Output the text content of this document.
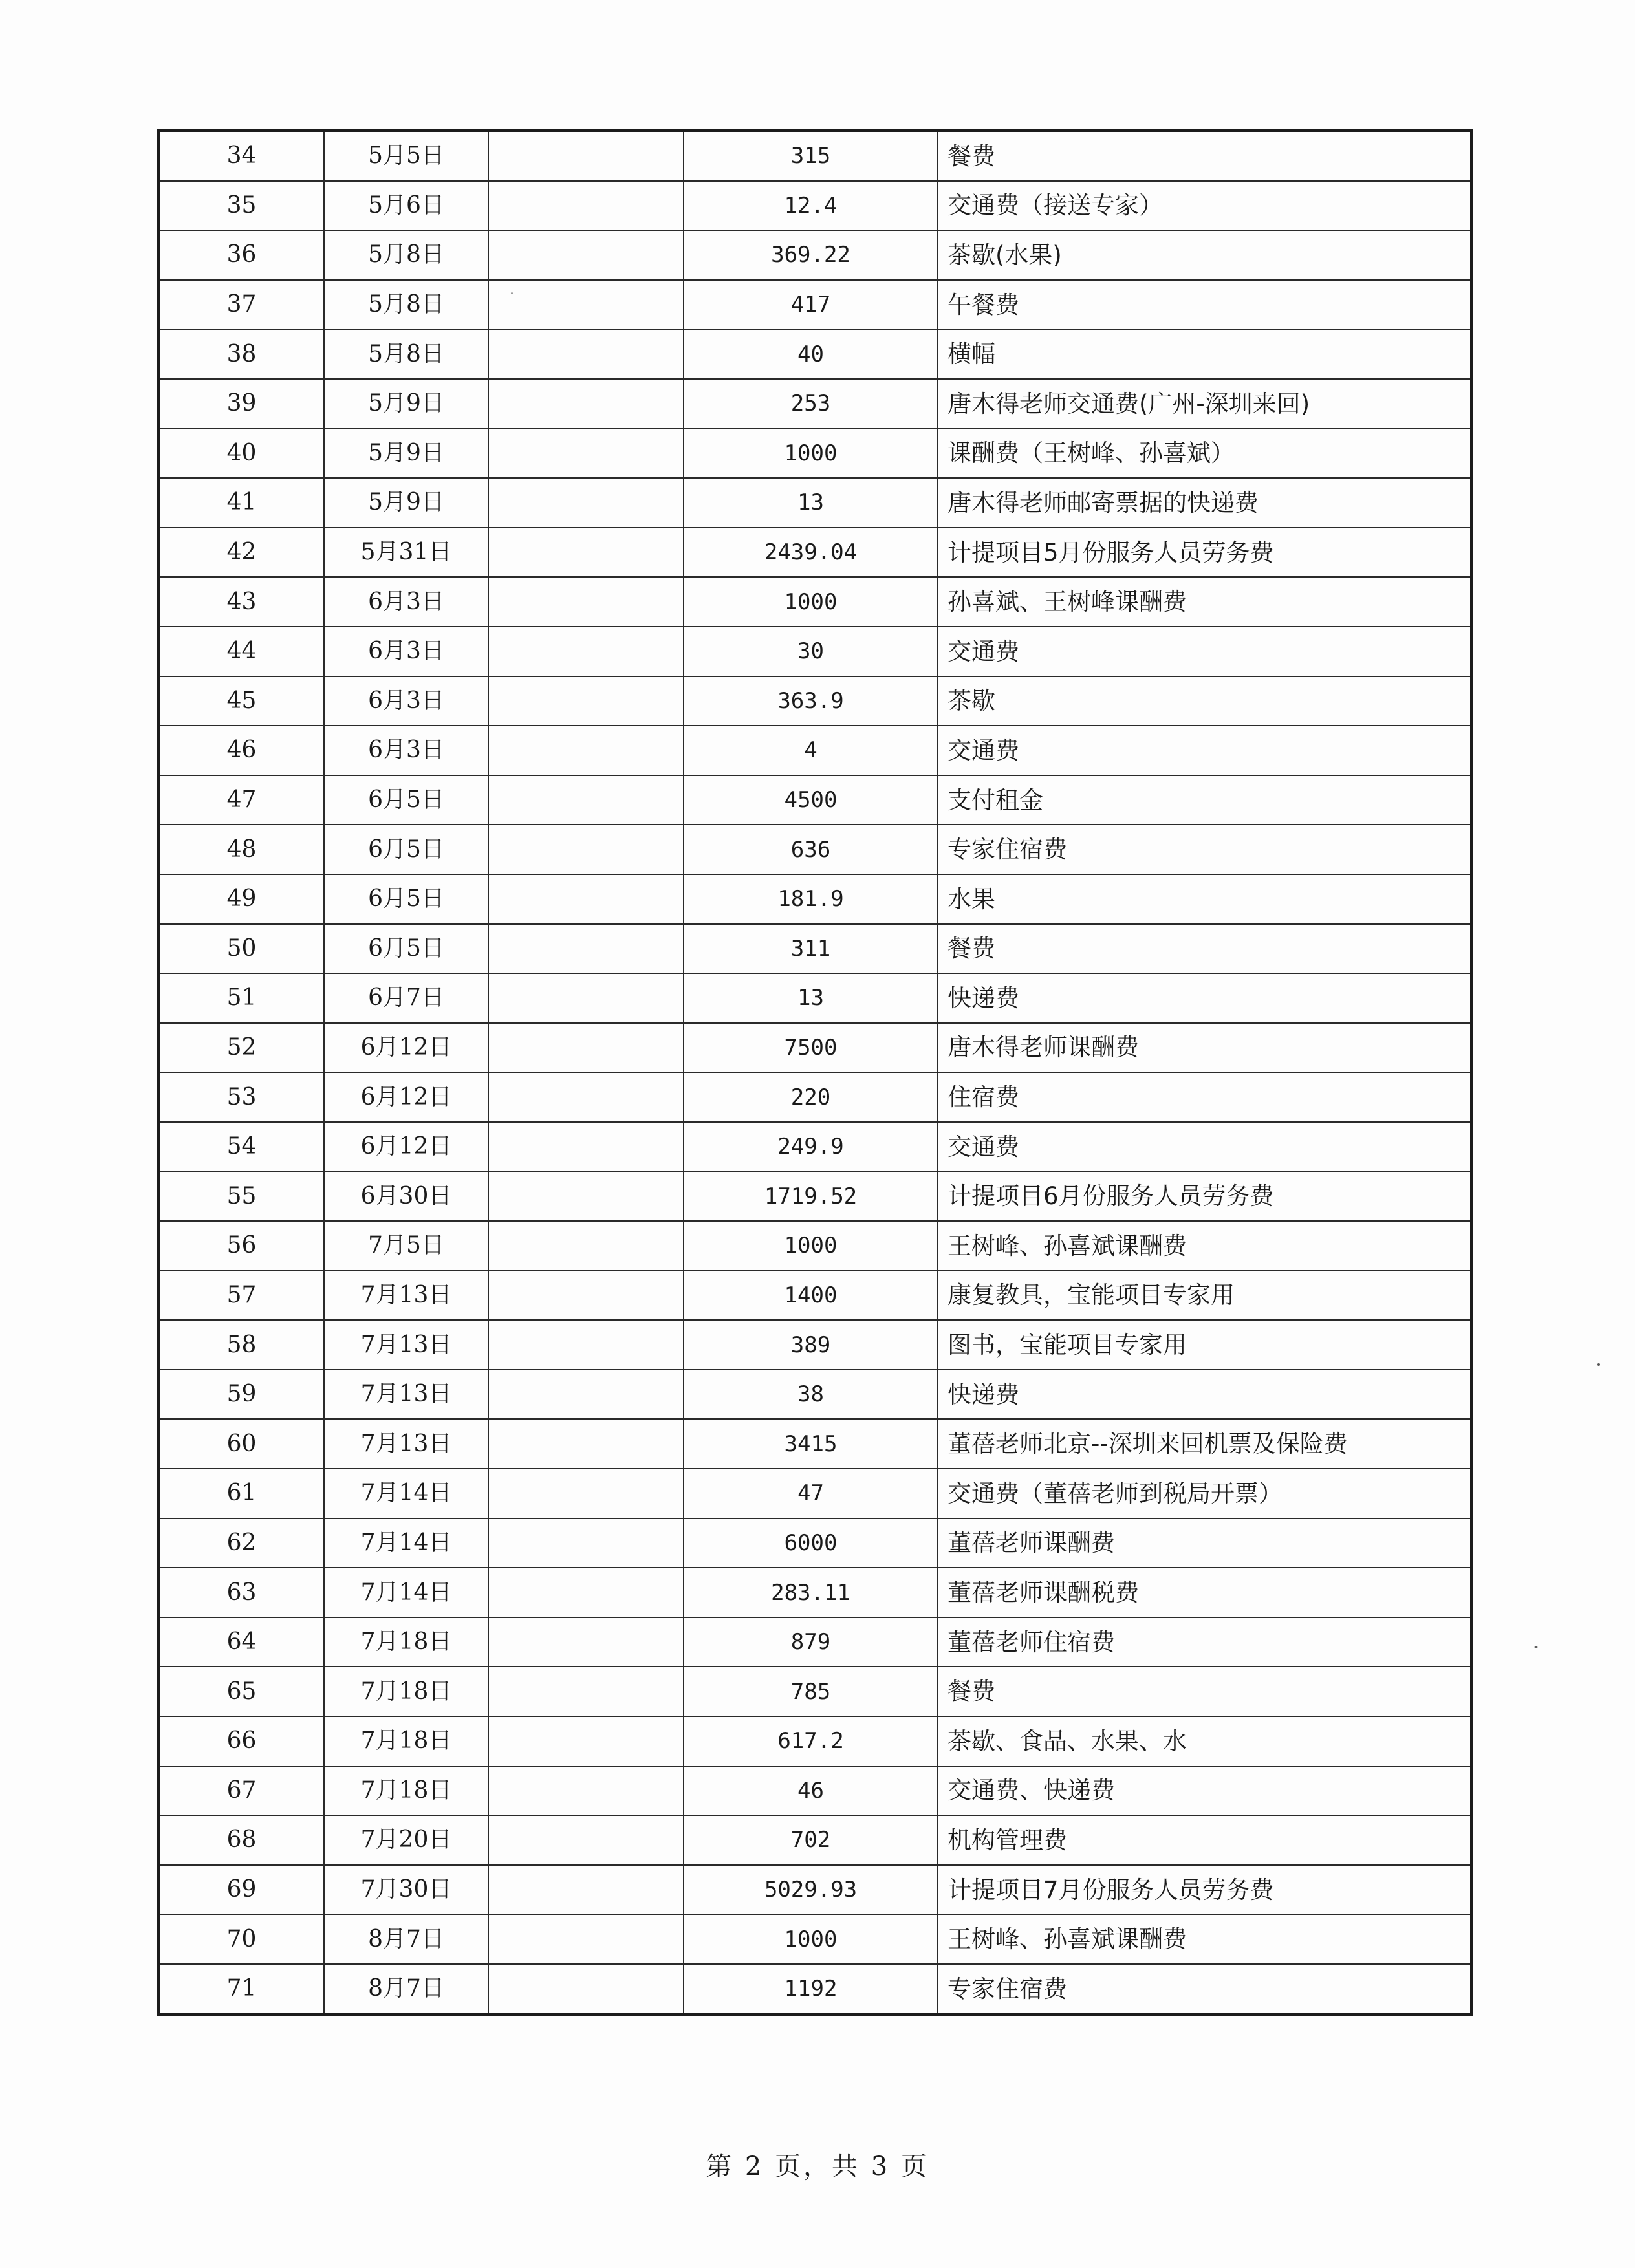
34	5月5日		315	餐费
35	5月6日		12.4	交通费（接送专家）
36	5月8日		369.22	茶歇(水果)
37	5月8日		417	午餐费
38	5月8日		40	横幅
39	5月9日		253	唐木得老师交通费(广州-深圳来回)
40	5月9日		1000	课酬费（王树峰、孙喜斌）
41	5月9日		13	唐木得老师邮寄票据的快递费
42	5月31日		2439.04	计提项目5月份服务人员劳务费
43	6月3日		1000	孙喜斌、王树峰课酬费
44	6月3日		30	交通费
45	6月3日		363.9	茶歇
46	6月3日		4	交通费
47	6月5日		4500	支付租金
48	6月5日		636	专家住宿费
49	6月5日		181.9	水果
50	6月5日		311	餐费
51	6月7日		13	快递费
52	6月12日		7500	唐木得老师课酬费
53	6月12日		220	住宿费
54	6月12日		249.9	交通费
55	6月30日		1719.52	计提项目6月份服务人员劳务费
56	7月5日		1000	王树峰、孙喜斌课酬费
57	7月13日		1400	康复教具，宝能项目专家用
58	7月13日		389	图书，宝能项目专家用
59	7月13日		38	快递费
60	7月13日		3415	董蓓老师北京--深圳来回机票及保险费
61	7月14日		47	交通费（董蓓老师到税局开票）
62	7月14日		6000	董蓓老师课酬费
63	7月14日		283.11	董蓓老师课酬税费
64	7月18日		879	董蓓老师住宿费
65	7月18日		785	餐费
66	7月18日		617.2	茶歇、食品、水果、水
67	7月18日		46	交通费、快递费
68	7月20日		702	机构管理费
69	7月30日		5029.93	计提项目7月份服务人员劳务费
70	8月7日		1000	王树峰、孙喜斌课酬费
71	8月7日		1192	专家住宿费
第 2 页，共 3 页
